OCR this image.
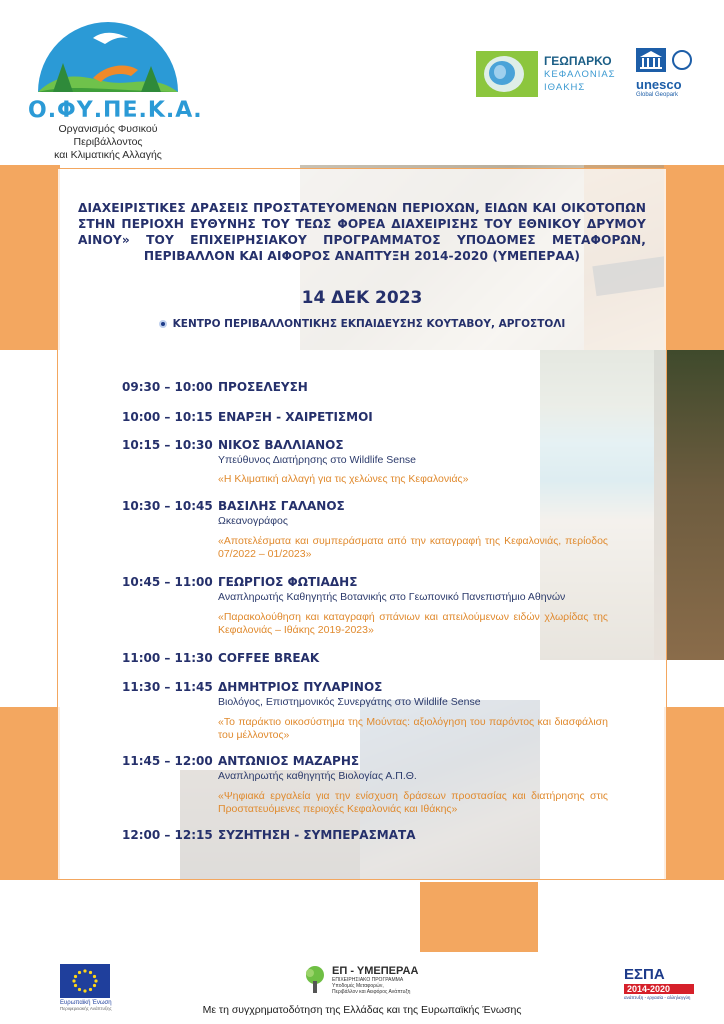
Ο.ΦΥ.ΠΕ.Κ.Α.
Οργανισμός Φυσικού Περιβάλλοντος
και Κλιματικής Αλλαγής
ΓΕΩΠΑΡΚΟ
ΚΕΦΑΛΟΝΙΑΣ
ΙΘΑΚΗΣ	unesco
Global Geopark
ΔΙΑΧΕΙΡΙΣΤΙΚΕΣ ΔΡΑΣΕΙΣ ΠΡΟΣΤΑΤΕΥΟΜΕΝΩΝ ΠΕΡΙΟΧΩΝ, ΕΙΔΩΝ ΚΑΙ ΟΙΚΟΤΟΠΩΝ ΣΤΗΝ ΠΕΡΙΟΧΗ ΕΥΘΥΝΗΣ ΤΟΥ ΤΕΩΣ ΦΟΡΕΑ ΔΙΑΧΕΙΡΙΣΗΣ ΤΟΥ ΕΘΝΙΚΟΥ ΔΡΥΜΟΥ ΑΙΝΟΥ» ΤΟΥ ΕΠΙΧΕΙΡΗΣΙΑΚΟΥ ΠΡΟΓΡΑΜΜΑΤΟΣ ΥΠΟΔΟΜΕΣ ΜΕΤΑΦΟΡΩΝ, ΠΕΡΙΒΑΛΛΟΝ ΚΑΙ ΑΙΦΟΡΟΣ ΑΝΑΠΤΥΞΗ 2014-2020 (ΥΜΕΠΕΡΑΑ)
14 ΔΕΚ 2023
ΚΕΝΤΡΟ ΠΕΡΙΒΑΛΛΟΝΤΙΚΗΣ ΕΚΠΑΙΔΕΥΣΗΣ ΚΟΥΤΑΒΟΥ, ΑΡΓΟΣΤΟΛΙ
09:30 – 10:00 ΠΡΟΣΕΛΕΥΣΗ
10:00 – 10:15 ΕΝΑΡΞΗ - ΧΑΙΡΕΤΙΣΜΟΙ
10:15 – 10:30 ΝΙΚΟΣ ΒΑΛΛΙΑΝΟΣ
Υπεύθυνος Διατήρησης στο Wildlife Sense
«Η Κλιματική αλλαγή για τις χελώνες της Κεφαλονιάς»
10:30 – 10:45 ΒΑΣΙΛΗΣ ΓΑΛΑΝΟΣ
Ωκεανογράφος
«Αποτελέσματα και συμπεράσματα από την καταγραφή της Κεφαλονιάς, περίοδος 07/2022 – 01/2023»
10:45 – 11:00 ΓΕΩΡΓΙΟΣ ΦΩΤΙΑΔΗΣ
Αναπληρωτής Καθηγητής Βοτανικής στο Γεωπονικό Πανεπιστήμιο Αθηνών
«Παρακολούθηση και καταγραφή σπάνιων και απειλούμενων ειδών χλωρίδας της Κεφαλονιάς – Ιθάκης 2019-2023»
11:00 – 11:30 COFFEE BREAK
11:30 – 11:45 ΔΗΜΗΤΡΙΟΣ ΠΥΛΑΡΙΝΟΣ
Βιολόγος, Επιστημονικός Συνεργάτης στο Wildlife Sense
«Το παράκτιο οικοσύστημα της Μούντας: αξιολόγηση του παρόντος και διασφάλιση του μέλλοντος»
11:45 – 12:00 ΑΝΤΩΝΙΟΣ ΜΑΖΑΡΗΣ
Αναπληρωτής καθηγητής Βιολογίας Α.Π.Θ.
«Ψηφιακά εργαλεία για την ενίσχυση δράσεων προστασίας και διατήρησης στις Προστατευόμενες περιοχές Κεφαλονιάς και Ιθάκης»
12:00 – 12:15 ΣΥΖΗΤΗΣΗ - ΣΥΜΠΕΡΑΣΜΑΤΑ
Ευρωπαϊκή Ένωση
Περιφερειακής Ανάπτυξης
ΕΠ - ΥΜΕΠΕΡΑΑ
ΕΠΙΧΕΙΡΗΣΙΑΚΟ ΠΡΟΓΡΑΜΜΑ
Υποδομές Μεταφορών,
Περιβάλλον και Αειφόρος Ανάπτυξη
ΕΣΠΑ
2014-2020
ανάπτυξη - εργασία - αλληλεγγύη
Με τη συγχρηματοδότηση της Ελλάδας και της Ευρωπαϊκής Ένωσης
